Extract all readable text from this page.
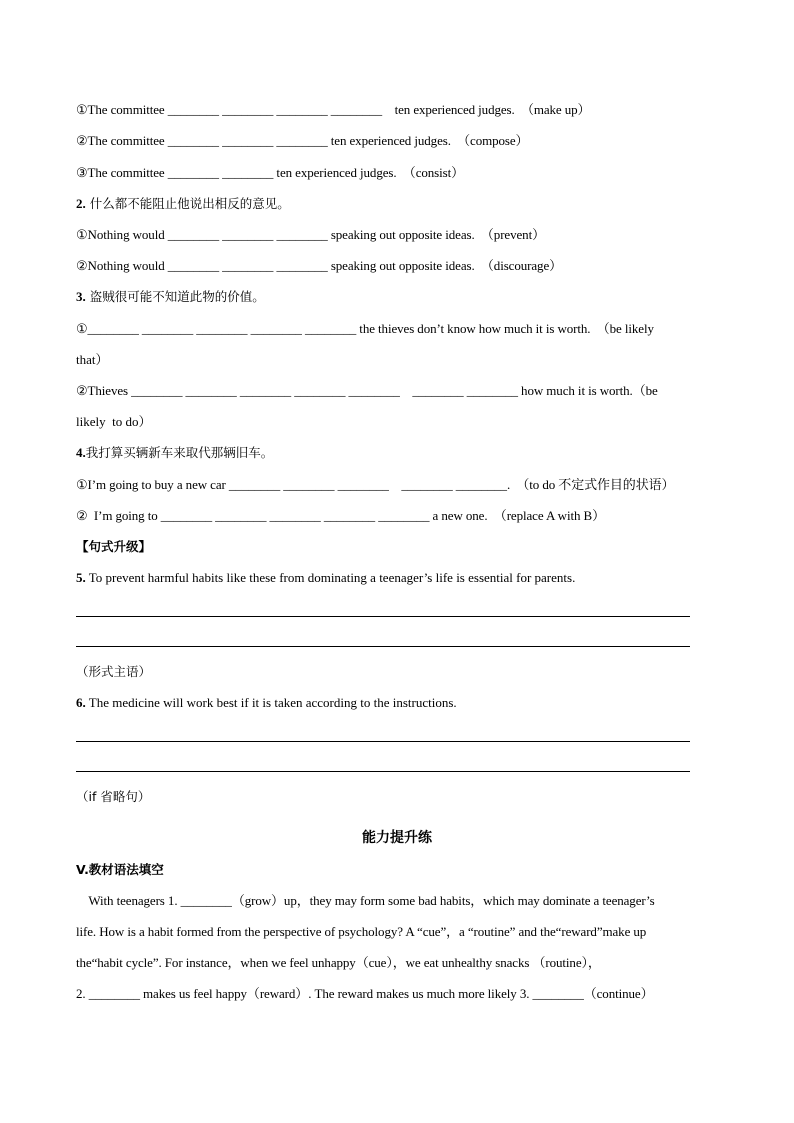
①The committee ________ ________ ________ ________    ten experienced judges.  （make up）
②The committee ________ ________ ________ ten experienced judges.  （compose）
③The committee ________ ________ ten experienced judges.  （consist）
2. 什么都不能阻止他说出相反的意见。
①Nothing would ________ ________ ________ speaking out opposite ideas.  （prevent）
②Nothing would ________ ________ ________ speaking out opposite ideas.  （discourage）
3. 盗贼很可能不知道此物的价值。
①________ ________ ________ ________ ________ the thieves don’t know how much it is worth.  （be likely
that）
②Thieves ________ ________ ________ ________ ________    ________ ________ how much it is worth.（be
likely  to do）
4.我打算买辆新车来取代那辆旧车。
①I’m going to buy a new car ________ ________ ________    ________ ________.  （to do 不定式作目的状语）
②  I’m going to ________ ________ ________ ________ ________ a new one.  （replace A with B）
【句式升级】
5. To prevent harmful habits like these from dominating a teenager’s life is essential for parents.
（形式主语）
6. The medicine will work best if it is taken according to the instructions.
（if 省略句）
能力提升练
V.教材语法填空
With teenagers 1. ________（grow）up，they may form some bad habits，which may dominate a teenager’s
life. How is a habit formed from the perspective of psychology? A “cue”，a “routine” and the“reward”make up
the“habit cycle”. For instance，when we feel unhappy（cue），we eat unhealthy snacks （routine），
2. ________ makes us feel happy（reward）. The reward makes us much more likely 3. ________（continue）
